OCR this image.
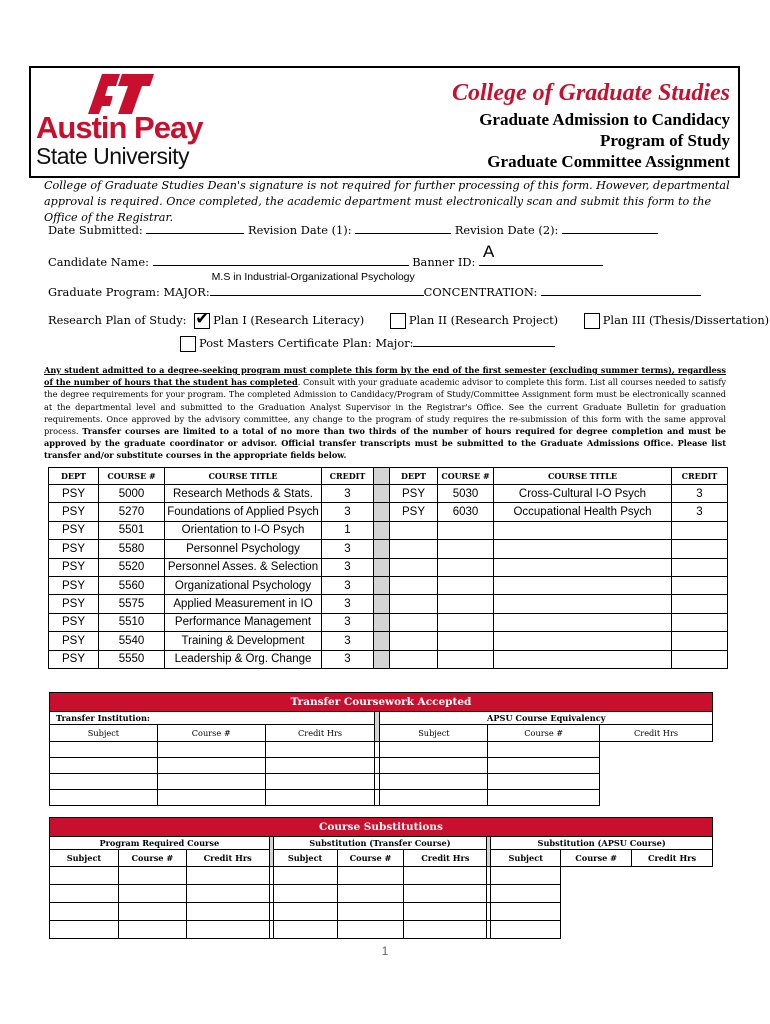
Austin Peay
State University
College of Graduate Studies
Graduate Admission to Candidacy
Program of Study
Graduate Committee Assignment
College of Graduate Studies Dean's signature is not required for further processing of this form. However, departmental approval is required. Once completed, the academic department must electronically scan and submit this form to the Office of the Registrar.
Date Submitted:	Revision Date (1):	Revision Date (2):
Candidate Name:	Banner ID:
A
Graduate Program: MAJOR:
M.S in Industrial-Organizational Psychology
CONCENTRATION:
Research Plan of Study: ✔ Plan I (Research Literacy)	Plan II (Research Project)	Plan III (Thesis/Dissertation)
Post Masters Certificate Plan: Major:
Any student admitted to a degree-seeking program must complete this form by the end of the first semester (excluding summer terms), regardless of the number of hours that the student has completed. Consult with your graduate academic advisor to complete this form. List all courses needed to satisfy the degree requirements for your program. The completed Admission to Candidacy/Program of Study/Committee Assignment form must be electronically scanned at the departmental level and submitted to the Graduation Analyst Supervisor in the Registrar's Office. See the current Graduate Bulletin for graduation requirements. Once approved by the advisory committee, any change to the program of study requires the re-submission of this form with the same approval process. Transfer courses are limited to a total of no more than two thirds of the number of hours required for degree completion and must be approved by the graduate coordinator or advisor. Official transfer transcripts must be submitted to the Graduate Admissions Office. Please list transfer and/or substitute courses in the appropriate fields below.
DEPT	COURSE #	COURSE TITLE	CREDIT		DEPT	COURSE #	COURSE TITLE	CREDIT
PSY	5000	Research Methods & Stats.	3		PSY	5030	Cross-Cultural I-O Psych	3
PSY	5270	Foundations of Applied Psych	3		PSY	6030	Occupational Health Psych	3
PSY	5501	Orientation to I-O Psych	1					
PSY	5580	Personnel Psychology	3					
PSY	5520	Personnel Asses. & Selection	3					
PSY	5560	Organizational Psychology	3					
PSY	5575	Applied Measurement in IO	3					
PSY	5510	Performance Management	3					
PSY	5540	Training & Development	3					
PSY	5550	Leadership & Org. Change	3					
Transfer Coursework Accepted						
Transfer Institution:				APSU Course Equivalency		
Subject	Course #	Credit Hrs		Subject	Course #	Credit Hrs

Course Substitutions										
Program Required Course				Substitution (Transfer Course)				Substitution (APSU Course)		
Subject	Course #	Credit Hrs		Subject	Course #	Credit Hrs		Subject	Course #	Credit Hrs

1
